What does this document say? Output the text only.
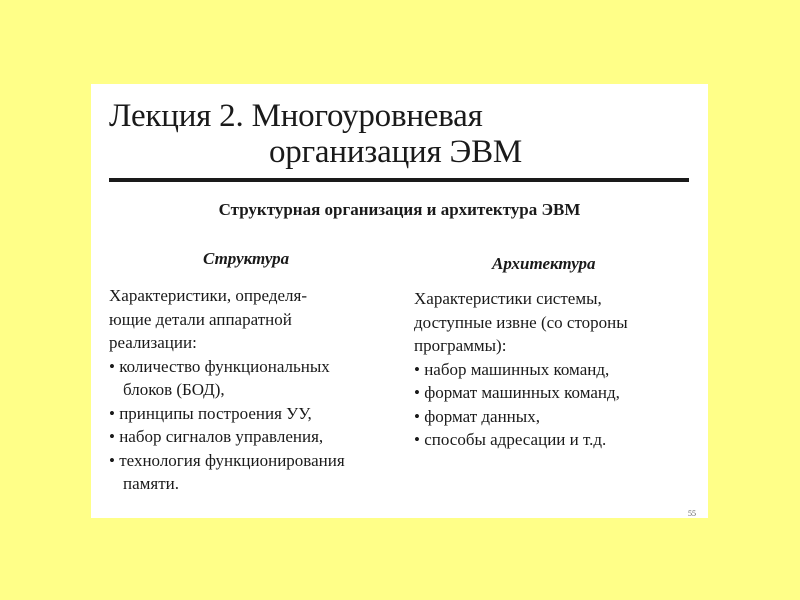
Лекция 2. Многоуровневая
организация ЭВМ
Структурная организация и архитектура ЭВМ
Структура	Архитектура
Характеристики, определя-
ющие детали аппаратной
реализации:
• количество функциональных
блоков (БОД),
• принципы построения УУ,
• набор сигналов управления,
• технология функционирования
памяти.
Характеристики системы,
доступные извне (со стороны
программы):
• набор машинных команд,
• формат машинных команд,
• формат данных,
• способы адресации и т.д.
55
